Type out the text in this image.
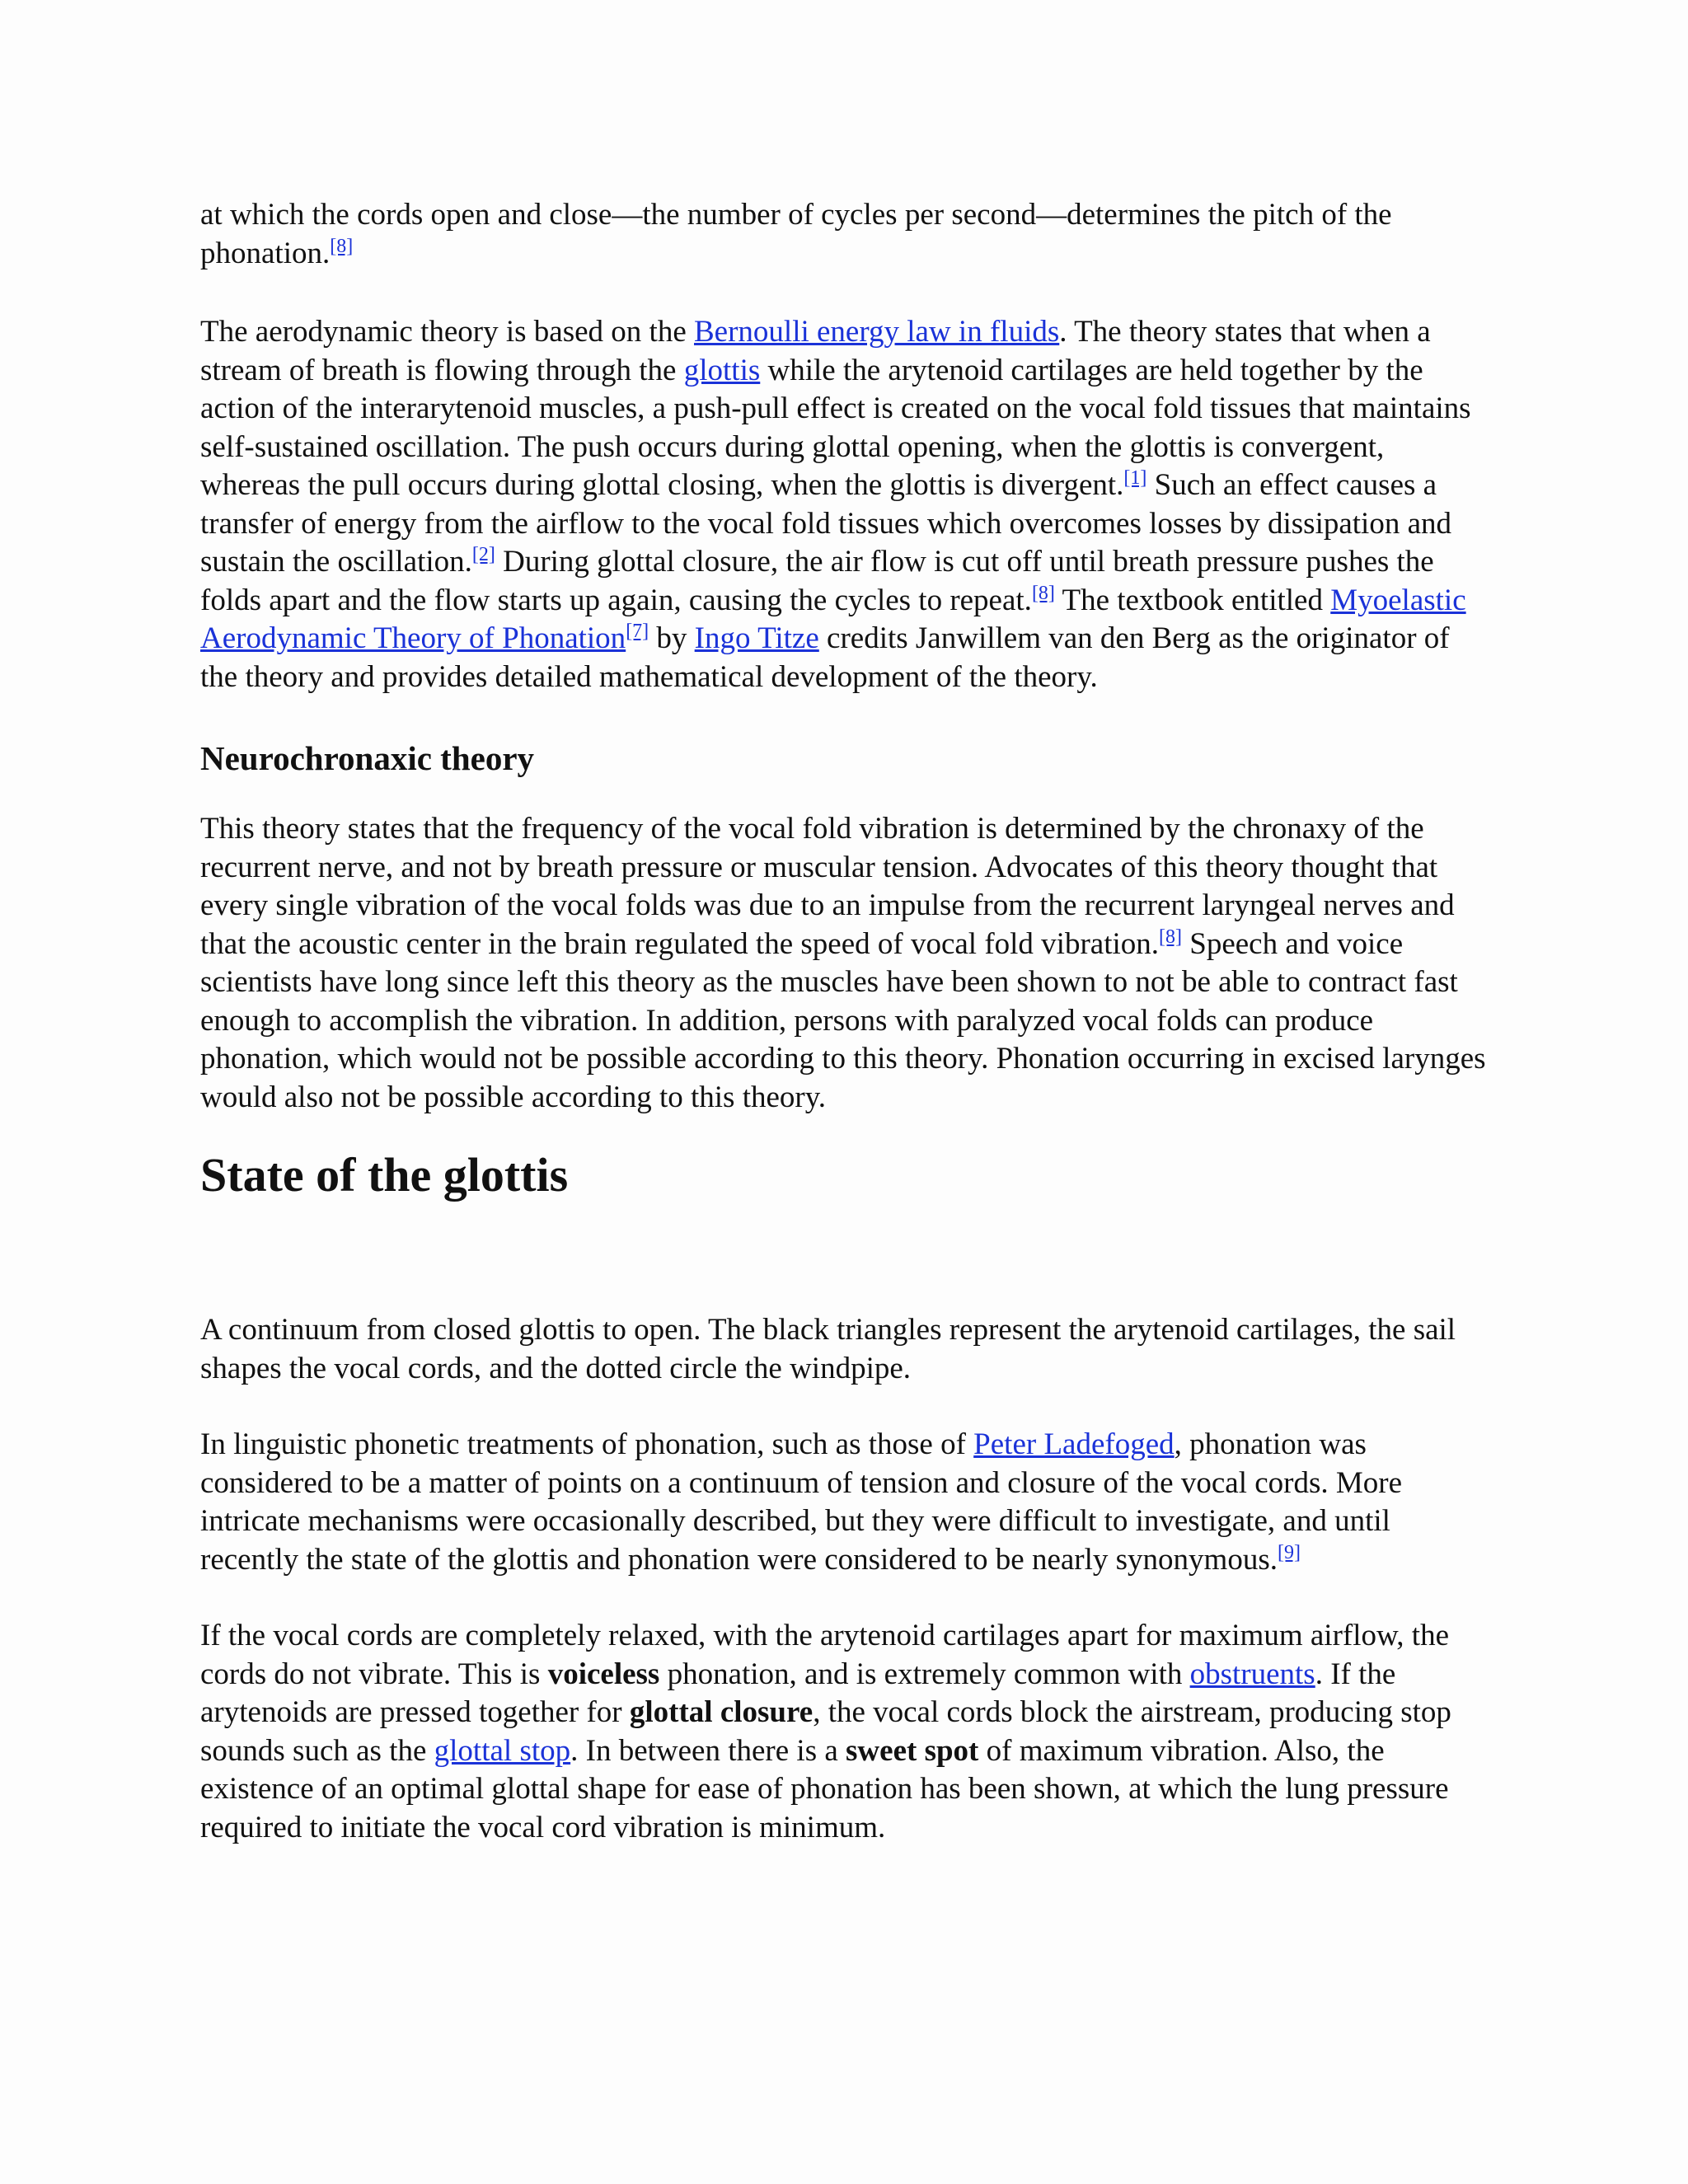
at which the cords open and close—the number of cycles per second—determines the pitch of the phonation.[8]

The aerodynamic theory is based on the Bernoulli energy law in fluids. The theory states that when a stream of breath is flowing through the glottis while the arytenoid cartilages are held together by the action of the interarytenoid muscles, a push-pull effect is created on the vocal fold tissues that maintains self-sustained oscillation. The push occurs during glottal opening, when the glottis is convergent, whereas the pull occurs during glottal closing, when the glottis is divergent.[1] Such an effect causes a transfer of energy from the airflow to the vocal fold tissues which overcomes losses by dissipation and sustain the oscillation.[2] During glottal closure, the air flow is cut off until breath pressure pushes the folds apart and the flow starts up again, causing the cycles to repeat.[8] The textbook entitled Myoelastic Aerodynamic Theory of Phonation[7] by Ingo Titze credits Janwillem van den Berg as the originator of the theory and provides detailed mathematical development of the theory.

Neurochronaxic theory

This theory states that the frequency of the vocal fold vibration is determined by the chronaxy of the recurrent nerve, and not by breath pressure or muscular tension. Advocates of this theory thought that every single vibration of the vocal folds was due to an impulse from the recurrent laryngeal nerves and that the acoustic center in the brain regulated the speed of vocal fold vibration.[8] Speech and voice scientists have long since left this theory as the muscles have been shown to not be able to contract fast enough to accomplish the vibration. In addition, persons with paralyzed vocal folds can produce phonation, which would not be possible according to this theory. Phonation occurring in excised larynges would also not be possible according to this theory.

State of the glottis

A continuum from closed glottis to open. The black triangles represent the arytenoid cartilages, the sail shapes the vocal cords, and the dotted circle the windpipe.

In linguistic phonetic treatments of phonation, such as those of Peter Ladefoged, phonation was considered to be a matter of points on a continuum of tension and closure of the vocal cords. More intricate mechanisms were occasionally described, but they were difficult to investigate, and until recently the state of the glottis and phonation were considered to be nearly synonymous.[9]

If the vocal cords are completely relaxed, with the arytenoid cartilages apart for maximum airflow, the cords do not vibrate. This is voiceless phonation, and is extremely common with obstruents. If the arytenoids are pressed together for glottal closure, the vocal cords block the airstream, producing stop sounds such as the glottal stop. In between there is a sweet spot of maximum vibration. Also, the existence of an optimal glottal shape for ease of phonation has been shown, at which the lung pressure required to initiate the vocal cord vibration is minimum.
